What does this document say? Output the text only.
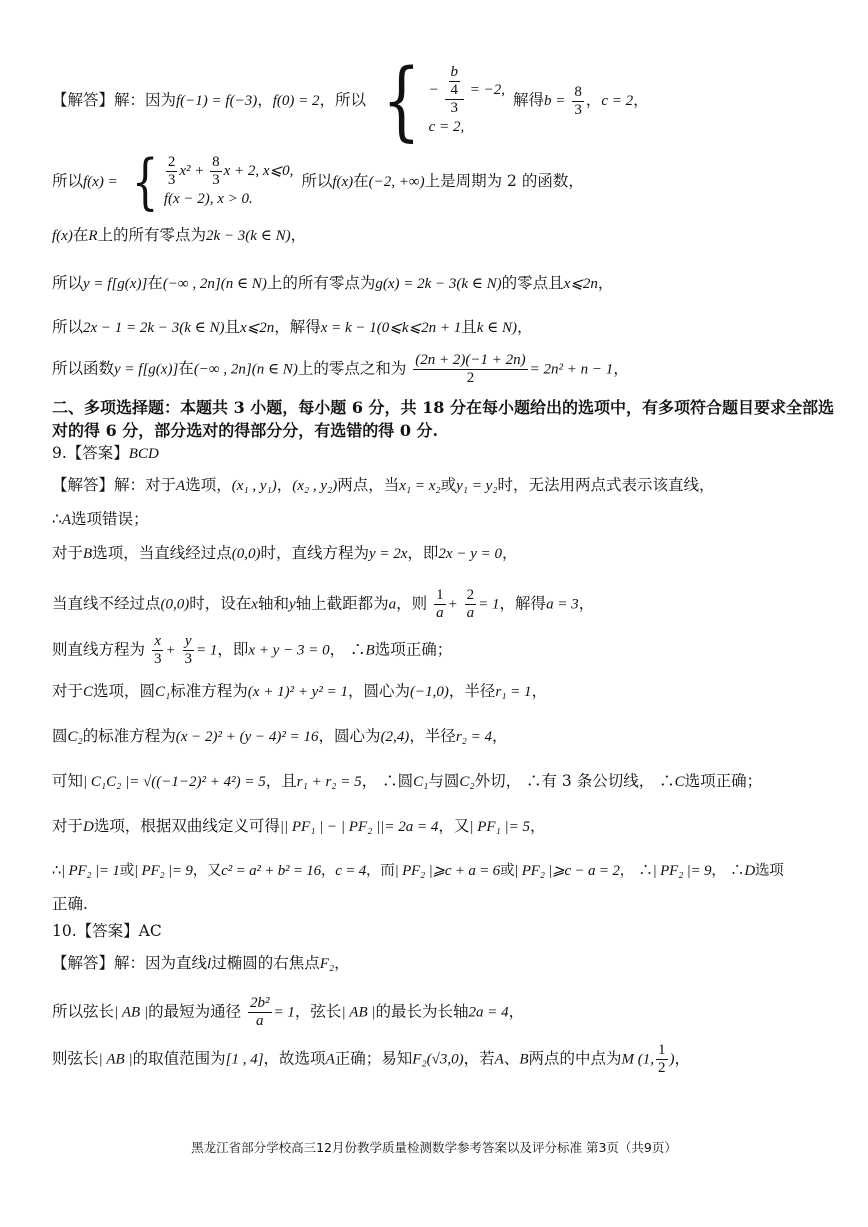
【解答】解：因为f(−1) = f(−3)，f(0) = 2，所以 { − $\frac{\frac{b}{4}}{3} = -2$,
c = 2,
解得$b = \frac{8}{3}$ ，c = 2，
所以f(x) = { $\frac{2}{3} x^2 + \frac{8}{3}$ x + 2, x⩽0,
f(x − 2), x > 0.
所以f(x)在(−2, +∞)上是周期为 2 的函数，
f(x)在R上的所有零点为2k − 3(k ∈ N)，
所以y = f[g(x)]在(−∞ , 2n](n ∈ N)上的所有零点为g(x) = 2k − 3(k ∈ N)的零点且x⩽2n，
所以2x − 1 = 2k − 3(k ∈ N)且x⩽2n，解得x = k − 1(0⩽k⩽2n + 1且k ∈ N)，
所以函数y = f[g(x)]在(−∞ , 2n](n ∈ N)上的零点之和为 $\frac{(2n + 2)(-1 + 2n)}{2} = 2n^2 + n - 1$，
二、多项选择题：本题共 3 小题，每小题 6 分，共 18 分在每小题给出的选项中，有多项符合题目要求全部选对的得 6 分，部分选对的得部分分，有选错的得 0 分.
9.【答案】BCD
【解答】解：对于A选项，(x₁ , y₁)，(x₂ , y₂)两点，当x₁ = x₂或y₁ = y₂时，无法用两点式表示该直线，
∴A选项错误；
对于B选项，当直线经过点(0,0)时，直线方程为y = 2x，即2x − y = 0，
当直线不经过点(0,0)时，设在x轴和y轴上截距都为a，则 $\frac{1}{a} + \frac{2}{a} = 1$，解得a = 3，
则直线方程为 $\frac{x}{3} + \frac{y}{3} = 1$，即x + y − 3 = 0， ∴B选项正确；
对于C选项，圆C₁标准方程为(x + 1)² + y² = 1，圆心为(−1,0)，半径r₁ = 1，
圆C₂的标准方程为(x − 2)² + (y − 4)² = 16，圆心为(2,4)，半径r₂ = 4，
可知| C₁C₂ |= √((−1−2)² + 4²) = 5，且r₁ + r₂ = 5， ∴圆C₁与圆C₂外切， ∴有 3 条公切线， ∴C选项正确；
对于D选项，根据双曲线定义可得|| PF₁ | − | PF₂ ||= 2a = 4，又| PF₁ |= 5，
∴| PF₂ |= 1或| PF₂ |= 9，又c² = a² + b² = 16，c = 4，而| PF₂ |⩾c + a = 6或| PF₂ |⩾c − a = 2， ∴| PF₂ |= 9， ∴D选项
正确.
10.【答案】AC
【解答】解：因为直线l过椭圆的右焦点F₂，
所以弦长| AB |的最短为通径 $\frac{\text{2b²}}{a} = 1$，弦长| AB |的最长为长轴2a = 4，
则弦长| AB |的取值范围为[1 , 4]，故选项A正确；易知F₂(√3,0)，若A、B两点的中点为M (1, $\frac{1}{2}$ )，
黑龙江省部分学校高三12月份教学质量检测数学参考答案以及评分标准 第3页（共9页）
